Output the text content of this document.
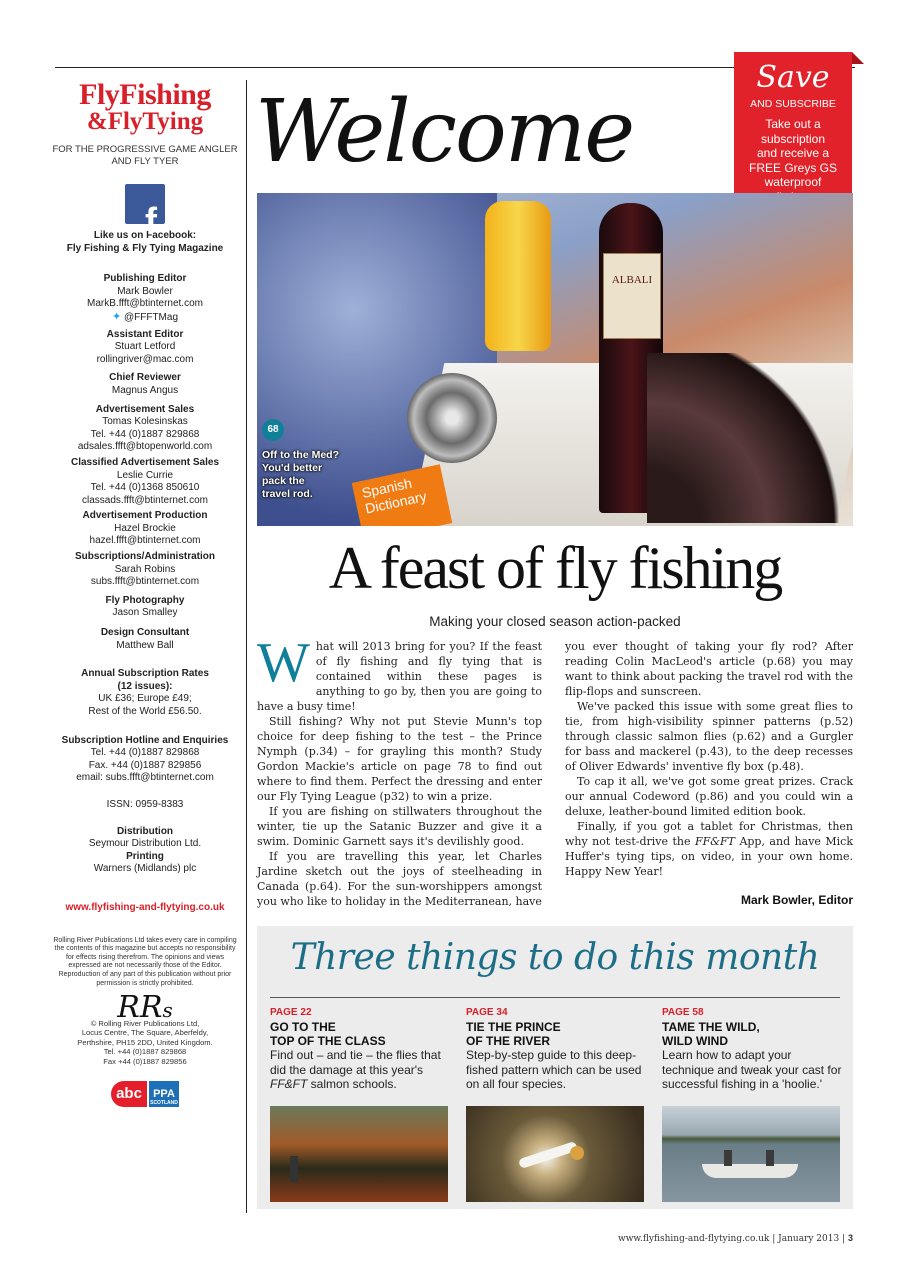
FlyFishing
&FlyTying
FOR THE PROGRESSIVE GAME ANGLER AND FLY TYER
f
Like us on Facebook:
Fly Fishing & Fly Tying Magazine
Publishing Editor
Mark Bowler
MarkB.ffft@btinternet.com
✦ @FFFTMag
Assistant Editor
Stuart Letford
rollingriver@mac.com
Chief Reviewer
Magnus Angus
Advertisement Sales
Tomas Kolesinskas
Tel. +44 (0)1887 829868
adsales.ffft@btopenworld.com
Classified Advertisement Sales
Leslie Currie
Tel. +44 (0)1368 850610
classads.ffft@btinternet.com
Advertisement Production
Hazel Brockie
hazel.ffft@btinternet.com
Subscriptions/Administration
Sarah Robins
subs.ffft@btinternet.com
Fly Photography
Jason Smalley
Design Consultant
Matthew Ball
Annual Subscription Rates
(12 issues):
UK £36; Europe £49;
Rest of the World £56.50.
Subscription Hotline and Enquiries
Tel. +44 (0)1887 829868
Fax. +44 (0)1887 829856
email: subs.ffft@btinternet.com
ISSN: 0959-8383
Distribution
Seymour Distribution Ltd.
Printing
Warners (Midlands) plc
www.flyfishing-and-flytying.co.uk
Rolling River Publications Ltd takes every care in compiling the contents of this magazine but accepts no responsibility for effects rising therefrom. The opinions and views expressed are not necessarily those of the Editor. Reproduction of any part of this publication without prior permission is strictly prohibited.
RRs
© Rolling River Publications Ltd,
Locus Centre, The Square, Aberfeldy,
Perthshire, PH15 2DD, United Kingdom.
Tel. +44 (0)1887 829868
Fax +44 (0)1887 829856
abc	PPA
SCOTLAND
Welcome
Save
AND SUBSCRIBE
Take out a
subscription
and receive a
FREE Greys GS
waterproof
ALBALI
Spanish Dictionary
68
Off to the Med?
You'd better
pack the
travel rod.
A feast of fly fishing
Making your closed season action-packed

What will 2013 bring for you? If the feast of fly fishing and fly tying that is contained within these pages is anything to go by, then you are going to have a busy time!

Still fishing? Why not put Stevie Munn's top choice for deep fishing to the test – the Prince Nymph (p.34) – for grayling this month? Study Gordon Mackie's article on page 78 to find out where to find them. Perfect the dressing and enter our Fly Tying League (p32) to win a prize.

If you are fishing on stillwaters throughout the winter, tie up the Satanic Buzzer and give it a swim. Dominic Garnett says it's devilishly good.

If you are travelling this year, let Charles Jardine sketch out the joys of steelheading in Canada (p.64). For the sun-worshippers amongst you who like to holiday in the Mediterranean, have

you ever thought of taking your fly rod? After reading Colin MacLeod's article (p.68) you may want to think about packing the travel rod with the flip-flops and sunscreen.

We've packed this issue with some great flies to tie, from high-visibility spinner patterns (p.52) through classic salmon flies (p.62) and a Gurgler for bass and mackerel (p.43), to the deep recesses of Oliver Edwards' inventive fly box (p.48).

To cap it all, we've got some great prizes. Crack our annual Codeword (p.86) and you could win a deluxe, leather-bound limited edition book.

Finally, if you got a tablet for Christmas, then why not test-drive the FF&FT App, and have Mick Huffer's tying tips, on video, in your own home. Happy New Year!

Mark Bowler, Editor
Three things to do this month
PAGE 22
GO TO THE
TOP OF THE CLASS
Find out – and tie – the flies that did the damage at this year's FF&FT salmon schools.
PAGE 34
TIE THE PRINCE
OF THE RIVER
Step-by-step guide to this deep-fished pattern which can be used on all four species.
PAGE 58
TAME THE WILD,
WILD WIND
Learn how to adapt your technique and tweak your cast for successful fishing in a 'hoolie.'
www.flyfishing-and-flytying.co.uk | January 2013 | 3
